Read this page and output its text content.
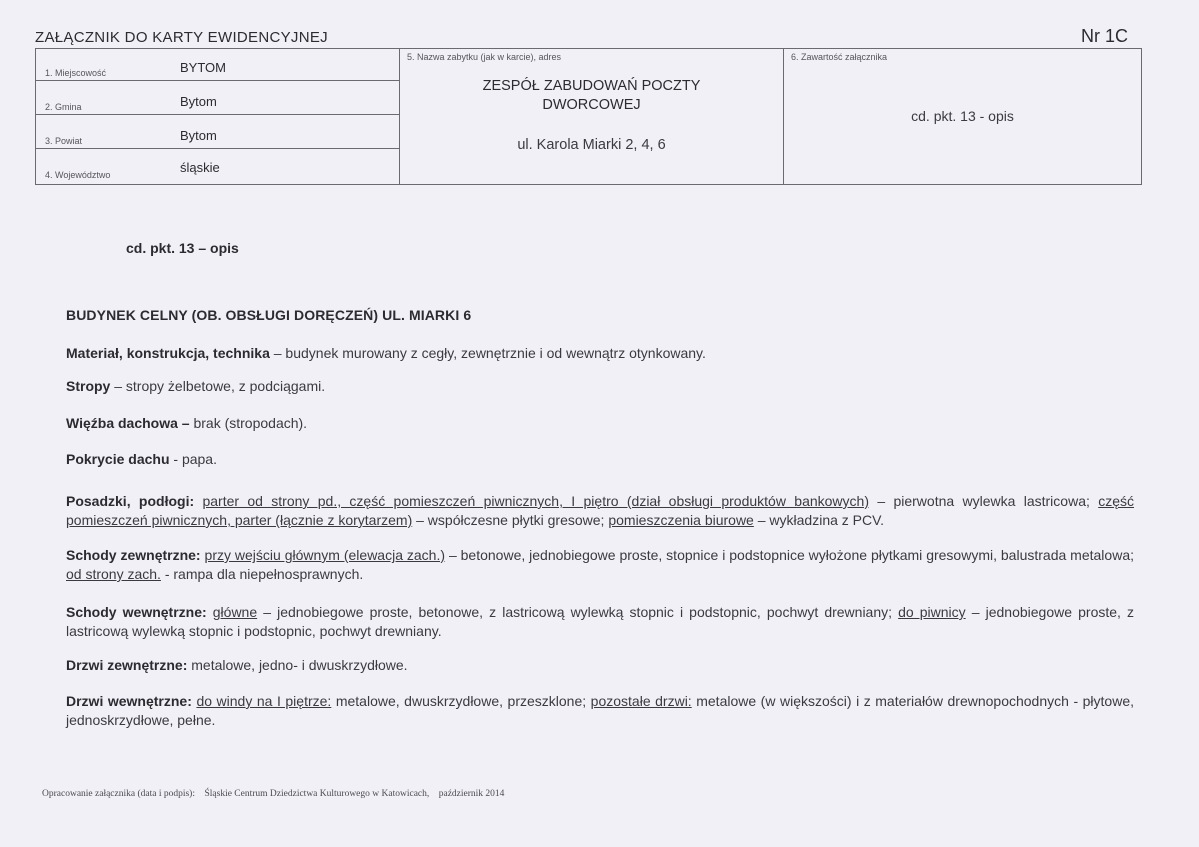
ZAŁĄCZNIK DO KARTY EWIDENCYJNEJ	Nr 1C
1. Miejscowość	BYTOM
2. Gmina	Bytom
3. Powiat	Bytom
4. Województwo	śląskie
5. Nazwa zabytku (jak w karcie), adres
ZESPÓŁ ZABUDOWAŃ POCZTY
DWORCOWEJ
ul. Karola Miarki 2, 4, 6
6. Zawartość załącznika
cd. pkt. 13 - opis
cd. pkt. 13 – opis
BUDYNEK CELNY (OB. OBSŁUGI DORĘCZEŃ) UL. MIARKI 6
Materiał, konstrukcja, technika – budynek murowany z cegły, zewnętrznie i od wewnątrz otynkowany.
Stropy – stropy żelbetowe, z podciągami.
Więźba dachowa – brak (stropodach).
Pokrycie dachu - papa.
Posadzki, podłogi: parter od strony pd., część pomieszczeń piwnicznych, I piętro (dział obsługi produktów bankowych) – pierwotna wylewka lastricowa; część pomieszczeń piwnicznych, parter (łącznie z korytarzem) – współczesne płytki gresowe; pomieszczenia biurowe – wykładzina z PCV.
Schody zewnętrzne: przy wejściu głównym (elewacja zach.) – betonowe, jednobiegowe proste, stopnice i podstopnice wyłożone płytkami gresowymi, balustrada metalowa; od strony zach. - rampa dla niepełnosprawnych.
Schody wewnętrzne: główne – jednobiegowe proste, betonowe, z lastricową wylewką stopnic i podstopnic, pochwyt drewniany; do piwnicy – jednobiegowe proste, z lastricową wylewką stopnic i podstopnic, pochwyt drewniany.
Drzwi zewnętrzne: metalowe, jedno- i dwuskrzydłowe.
Drzwi wewnętrzne: do windy na I piętrze: metalowe, dwuskrzydłowe, przeszklone; pozostałe drzwi: metalowe (w większości) i z materiałów drewnopochodnych - płytowe, jednoskrzydłowe, pełne.
Opracowanie załącznika (data i podpis):    Śląskie Centrum Dziedzictwa Kulturowego w Katowicach,    październik 2014
